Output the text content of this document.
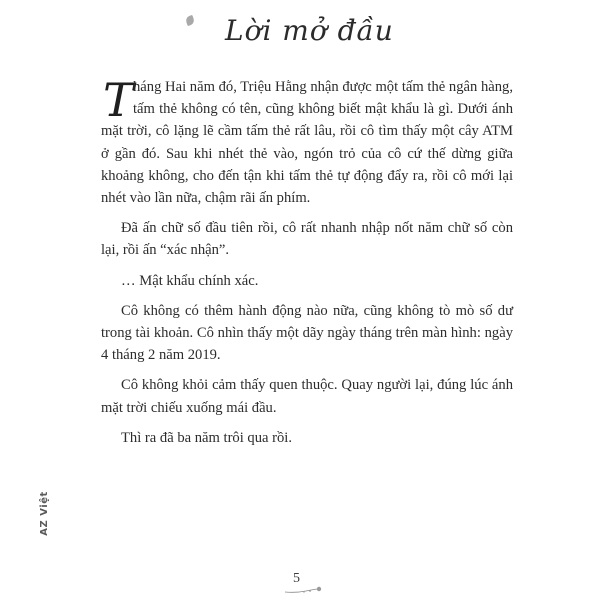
Lời mở đầu

Tháng Hai năm đó, Triệu Hằng nhận được một tấm thẻ ngân hàng, tấm thẻ không có tên, cũng không biết mật khẩu là gì. Dưới ánh mặt trời, cô lặng lẽ cầm tấm thẻ rất lâu, rồi cô tìm thấy một cây ATM ở gần đó. Sau khi nhét thẻ vào, ngón trỏ của cô cứ thế dừng giữa khoảng không, cho đến tận khi tấm thẻ tự động đẩy ra, rồi cô mới lại nhét vào lần nữa, chậm rãi ấn phím.

Đã ấn chữ số đầu tiên rồi, cô rất nhanh nhập nốt năm chữ số còn lại, rồi ấn “xác nhận”.

… Mật khẩu chính xác.

Cô không có thêm hành động nào nữa, cũng không tò mò số dư trong tài khoản. Cô nhìn thấy một dãy ngày tháng trên màn hình: ngày 4 tháng 2 năm 2019.

Cô không khỏi cảm thấy quen thuộc. Quay người lại, đúng lúc ánh mặt trời chiếu xuống mái đầu.

Thì ra đã ba năm trôi qua rồi.

AZ Việt
5
